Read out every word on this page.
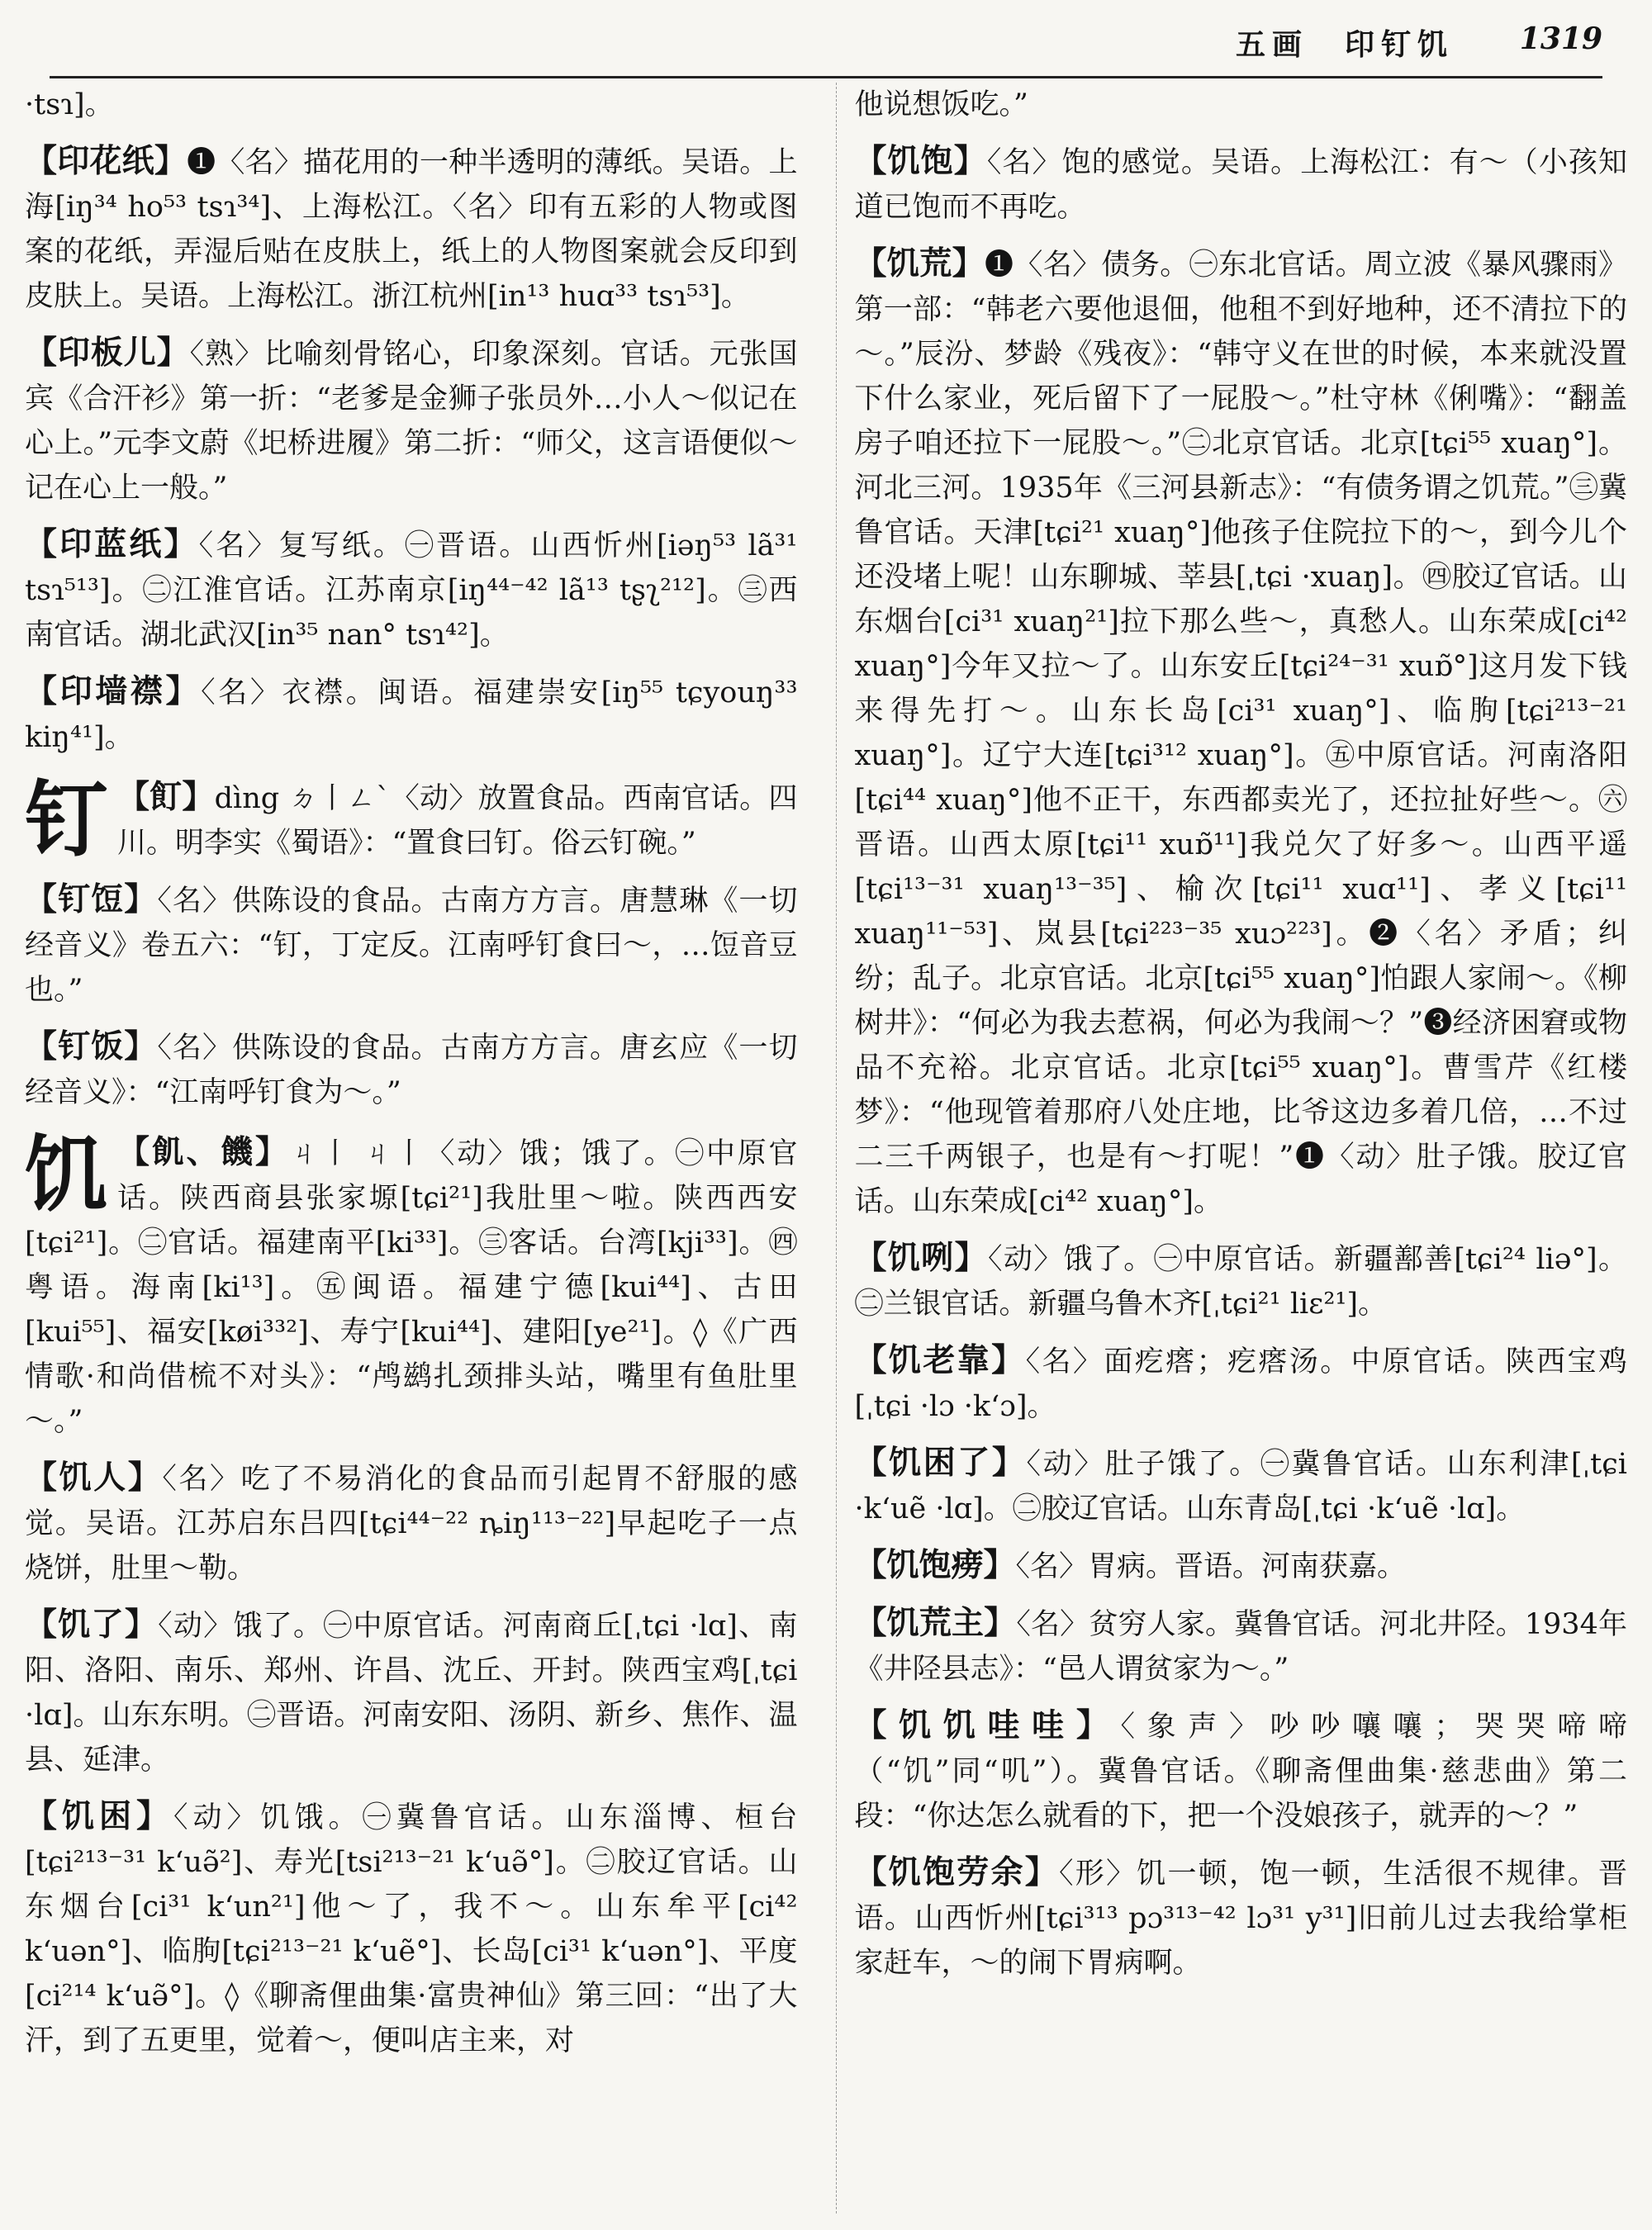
五画　印钉饥 1319

·tsɿ]。

【印花纸】❶〈名〉描花用的一种半透明的薄纸。吴语。上海[iŋ³⁴ ho⁵³ tsɿ³⁴]、上海松江。〈名〉印有五彩的人物或图案的花纸，弄湿后贴在皮肤上，纸上的人物图案就会反印到皮肤上。吴语。上海松江。浙江杭州[in¹³ huɑ³³ tsɿ⁵³]。

【印板儿】〈熟〉比喻刻骨铭心，印象深刻。官话。元张国宾《合汗衫》第一折：“老爹是金狮子张员外…小人～似记在心上。”元李文蔚《圯桥进履》第二折：“师父，这言语便似～记在心上一般。”

【印蓝纸】〈名〉复写纸。㊀晋语。山西忻州[iəŋ⁵³ lã³¹ tsɿ⁵¹³]。㊁江淮官话。江苏南京[iŋ⁴⁴⁻⁴² lã¹³ tʂʅ²¹²]。㊂西南官话。湖北武汉[in³⁵ nan° tsɿ⁴²]。

【印墙襟】〈名〉衣襟。闽语。福建崇安[iŋ⁵⁵ tɕyouŋ³³ kiŋ⁴¹]。

钉 【飣】dìng ㄉ丨ㄥˋ〈动〉放置食品。西南官话。四川。明李实《蜀语》：“置食曰钉。俗云钉碗。”

【钉饾】〈名〉供陈设的食品。古南方方言。唐慧琳《一切经音义》卷五六：“钉，丁定反。江南呼钉食曰～，…饾音豆也。”

【钉饭】〈名〉供陈设的食品。古南方方言。唐玄应《一切经音义》：“江南呼钉食为～。”

饥 【飢、饑】ㄐ丨 ㄐ丨〈动〉饿；饿了。㊀中原官话。陕西商县张家塬[tɕi²¹]我肚里～啦。陕西西安[tɕi²¹]。㊁官话。福建南平[ki³³]。㊂客话。台湾[kji³³]。㊃粤语。海南[ki¹³]。㊄闽语。福建宁德[kui⁴⁴]、古田[kui⁵⁵]、福安[køi³³²]、寿宁[kui⁴⁴]、建阳[ye²¹]。◊《广西情歌·和尚借梳不对头》：“鸬鹚扎颈排头站，嘴里有鱼肚里～。”

【饥人】〈名〉吃了不易消化的食品而引起胃不舒服的感觉。吴语。江苏启东吕四[tɕi⁴⁴⁻²² ȵiŋ¹¹³⁻²²]早起吃子一点烧饼，肚里～勒。

【饥了】〈动〉饿了。㊀中原官话。河南商丘[ˌtɕi ·lɑ]、南阳、洛阳、南乐、郑州、许昌、沈丘、开封。陕西宝鸡[ˌtɕi ·lɑ]。山东东明。㊁晋语。河南安阳、汤阴、新乡、焦作、温县、延津。

【饥困】〈动〉饥饿。㊀冀鲁官话。山东淄博、桓台[tɕi²¹³⁻³¹ k‘uə̃²]、寿光[tsi²¹³⁻²¹ k‘uə̃°]。㊁胶辽官话。山东烟台[ci³¹ k‘un²¹]他～了，我不～。山东牟平[ci⁴² k‘uən°]、临朐[tɕi²¹³⁻²¹ k‘uẽ°]、长岛[ci³¹ k‘uən°]、平度[ci²¹⁴ k‘uə̃°]。◊《聊斋俚曲集·富贵神仙》第三回：“出了大汗，到了五更里，觉着～，便叫店主来，对

他说想饭吃。”

【饥饱】〈名〉饱的感觉。吴语。上海松江：有～（小孩知道已饱而不再吃。

【饥荒】❶〈名〉债务。㊀东北官话。周立波《暴风骤雨》第一部：“韩老六要他退佃，他租不到好地种，还不清拉下的～。”辰汾、梦龄《残夜》：“韩守义在世的时候，本来就没置下什么家业，死后留下了一屁股～。”杜守林《俐嘴》：“翻盖房子咱还拉下一屁股～。”㊁北京官话。北京[tɕi⁵⁵ xuaŋ°]。河北三河。1935年《三河县新志》：“有债务谓之饥荒。”㊂冀鲁官话。天津[tɕi²¹ xuaŋ°]他孩子住院拉下的～，到今儿个还没堵上呢！山东聊城、莘县[ˌtɕi ·xuaŋ]。㊃胶辽官话。山东烟台[ci³¹ xuaŋ²¹]拉下那么些～，真愁人。山东荣成[ci⁴² xuaŋ°]今年又拉～了。山东安丘[tɕi²⁴⁻³¹ xuɒ̃°]这月发下钱来得先打～。山东长岛[ci³¹ xuaŋ°]、临朐[tɕi²¹³⁻²¹ xuaŋ°]。辽宁大连[tɕi³¹² xuaŋ°]。㊄中原官话。河南洛阳[tɕi⁴⁴ xuaŋ°]他不正干，东西都卖光了，还拉扯好些～。㊅晋语。山西太原[tɕi¹¹ xuɒ̃¹¹]我兑欠了好多～。山西平遥[tɕi¹³⁻³¹ xuaŋ¹³⁻³⁵]、榆次[tɕi¹¹ xuɑ¹¹]、孝义[tɕi¹¹ xuaŋ¹¹⁻⁵³]、岚县[tɕi²²³⁻³⁵ xuɔ²²³]。❷〈名〉矛盾；纠纷；乱子。北京官话。北京[tɕi⁵⁵ xuaŋ°]怕跟人家闹～。《柳树井》：“何必为我去惹祸，何必为我闹～？”❸经济困窘或物品不充裕。北京官话。北京[tɕi⁵⁵ xuaŋ°]。曹雪芹《红楼梦》：“他现管着那府八处庄地，比爷这边多着几倍，…不过二三千两银子，也是有～打呢！”❶〈动〉肚子饿。胶辽官话。山东荣成[ci⁴² xuaŋ°]。

【饥咧】〈动〉饿了。㊀中原官话。新疆鄯善[tɕi²⁴ liə°]。㊁兰银官话。新疆乌鲁木齐[ˌtɕi²¹ liɛ²¹]。

【饥老靠】〈名〉面疙瘩；疙瘩汤。中原官话。陕西宝鸡[ˌtɕi ·lɔ ·k‘ɔ]。

【饥困了】〈动〉肚子饿了。㊀冀鲁官话。山东利津[ˌtɕi ·k‘uẽ ·lɑ]。㊁胶辽官话。山东青岛[ˌtɕi ·k‘uẽ ·lɑ]。

【饥饱痨】〈名〉胃病。晋语。河南获嘉。

【饥荒主】〈名〉贫穷人家。冀鲁官话。河北井陉。1934年《井陉县志》：“邑人谓贫家为～。”

【饥饥哇哇】〈象声〉吵吵嚷嚷；哭哭啼啼（“饥”同“叽”）。冀鲁官话。《聊斋俚曲集·慈悲曲》第二段：“你达怎么就看的下，把一个没娘孩子，就弄的～？”

【饥饱劳余】〈形〉饥一顿，饱一顿，生活很不规律。晋语。山西忻州[tɕi³¹³ pɔ³¹³⁻⁴² lɔ³¹ y³¹]旧前儿过去我给掌柜家赶车，～的闹下胃病啊。
